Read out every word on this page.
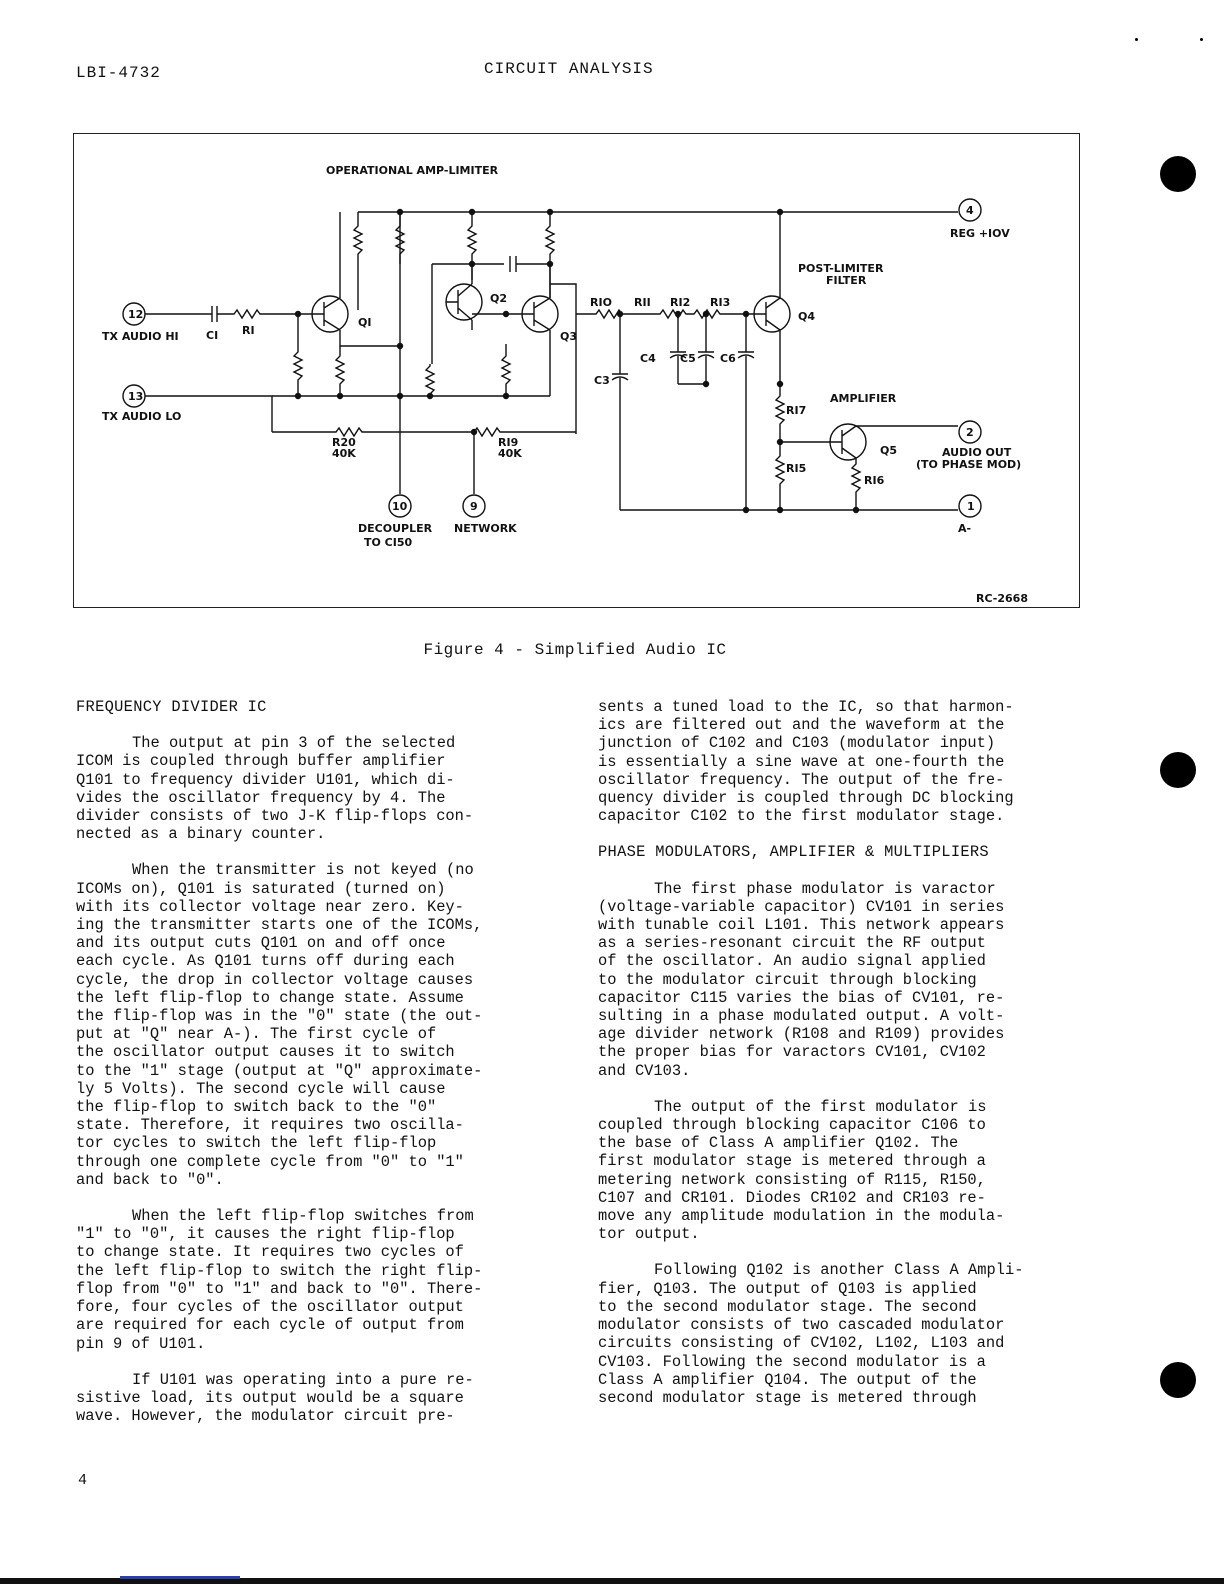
LBI-4732	CIRCUIT ANALYSIS
OPERATIONAL AMP-LIMITER
4
REG +IOV
12
TX AUDIO HI CI RI
QI
Q2
Q3
13
TX AUDIO LO
R20
40K
RI9
40K
10
DECOUPLER
TO CI50
9
NETWORK
RIO RII RI2 RI3
C3
C4 C5 C6
Q4
POST-LIMITER
FILTER
RI7
RI5
AMPLIFIER
Q5
RI6
2
AUDIO OUT
(TO PHASE MOD)
1
A-
RC-2668
Figure 4 - Simplified Audio IC
FREQUENCY DIVIDER IC

The output at pin 3 of the selected
ICOM is coupled through buffer amplifier
Q101 to frequency divider U101, which di-
vides the oscillator frequency by 4. The
divider consists of two J-K flip-flops con-
nected as a binary counter.

When the transmitter is not keyed (no
ICOMs on), Q101 is saturated (turned on)
with its collector voltage near zero. Key-
ing the transmitter starts one of the ICOMs,
and its output cuts Q101 on and off once
each cycle. As Q101 turns off during each
cycle, the drop in collector voltage causes
the left flip-flop to change state. Assume
the flip-flop was in the "0" state (the out-
put at "Q" near A-). The first cycle of
the oscillator output causes it to switch
to the "1" stage (output at "Q" approximate-
ly 5 Volts). The second cycle will cause
the flip-flop to switch back to the "0"
state. Therefore, it requires two oscilla-
tor cycles to switch the left flip-flop
through one complete cycle from "0" to "1"
and back to "0".

When the left flip-flop switches from
"1" to "0", it causes the right flip-flop
to change state. It requires two cycles of
the left flip-flop to switch the right flip-
flop from "0" to "1" and back to "0". There-
fore, four cycles of the oscillator output
are required for each cycle of output from
pin 9 of U101.

If U101 was operating into a pure re-
sistive load, its output would be a square
wave. However, the modulator circuit pre-

sents a tuned load to the IC, so that harmon-
ics are filtered out and the waveform at the
junction of C102 and C103 (modulator input)
is essentially a sine wave at one-fourth the
oscillator frequency. The output of the fre-
quency divider is coupled through DC blocking
capacitor C102 to the first modulator stage.

PHASE MODULATORS, AMPLIFIER & MULTIPLIERS

The first phase modulator is varactor
(voltage-variable capacitor) CV101 in series
with tunable coil L101. This network appears
as a series-resonant circuit the RF output
of the oscillator. An audio signal applied
to the modulator circuit through blocking
capacitor C115 varies the bias of CV101, re-
sulting in a phase modulated output. A volt-
age divider network (R108 and R109) provides
the proper bias for varactors CV101, CV102
and CV103.

The output of the first modulator is
coupled through blocking capacitor C106 to
the base of Class A amplifier Q102. The
first modulator stage is metered through a
metering network consisting of R115, R150,
C107 and CR101. Diodes CR102 and CR103 re-
move any amplitude modulation in the modula-
tor output.

Following Q102 is another Class A Ampli-
fier, Q103. The output of Q103 is applied
to the second modulator stage. The second
modulator consists of two cascaded modulator
circuits consisting of CV102, L102, L103 and
CV103. Following the second modulator is a
Class A amplifier Q104. The output of the
second modulator stage is metered through

4
